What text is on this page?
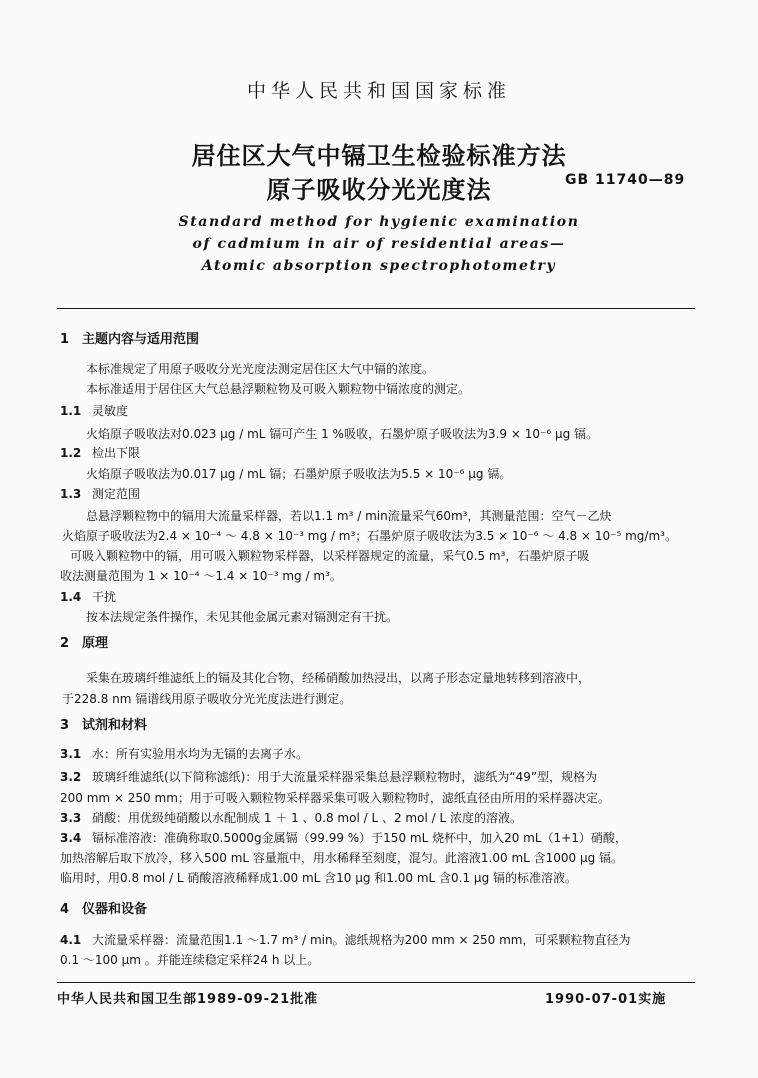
中华人民共和国国家标准
居住区大气中镉卫生检验标准方法
原子吸收分光光度法	GB 11740—89
Standard method for hygienic examination
of cadmium in air of residential areas—
Atomic absorption spectrophotometry
1　主题内容与适用范围
本标准规定了用原子吸收分光光度法测定居住区大气中镉的浓度。
本标准适用于居住区大气总悬浮颗粒物及可吸入颗粒物中镉浓度的测定。
1.1 灵敏度
火焰原子吸收法对0.023 μg / mL 镉可产生 1 %吸收，石墨炉原子吸收法为3.9 × 10⁻⁶ μg 镉。
1.2 检出下限
火焰原子吸收法为0.017 μg / mL 镉；石墨炉原子吸收法为5.5 × 10⁻⁶ μg 镉。
1.3 测定范围
总悬浮颗粒物中的镉用大流量采样器，若以1.1 m³ / min流量采气60m³，其测量范围：空气－乙炔
火焰原子吸收法为2.4 × 10⁻⁴ ～ 4.8 × 10⁻³ mg / m³；石墨炉原子吸收法为3.5 × 10⁻⁶ ～ 4.8 × 10⁻⁵ mg/m³。
可吸入颗粒物中的镉，用可吸入颗粒物采样器，以采样器规定的流量，采气0.5 m³，石墨炉原子吸
收法测量范围为 1 × 10⁻⁴ ～1.4 × 10⁻³ mg / m³。
1.4 干扰
按本法规定条件操作，未见其他金属元素对镉测定有干扰。
2　原理
采集在玻璃纤维滤纸上的镉及其化合物，经稀硝酸加热浸出，以离子形态定量地转移到溶液中，
于228.8 nm 镉谱线用原子吸收分光光度法进行测定。
3　试剂和材料
3.1 水：所有实验用水均为无镉的去离子水。
3.2 玻璃纤维滤纸(以下简称滤纸)：用于大流量采样器采集总悬浮颗粒物时，滤纸为“49”型，规格为
200 mm × 250 mm；用于可吸入颗粒物采样器采集可吸入颗粒物时，滤纸直径由所用的采样器决定。
3.3 硝酸：用优级纯硝酸以水配制成 1 ＋ 1 、0.8 mol / L 、2 mol / L 浓度的溶液。
3.4 镉标准溶液：准确称取0.5000g金属镉（99.99 %）于150 mL 烧杯中，加入20 mL（1+1）硝酸，
加热溶解后取下放冷，移入500 mL 容量瓶中，用水稀释至刻度，混匀。此溶液1.00 mL 含1000 μg 镉。
临用时，用0.8 mol / L 硝酸溶液稀释成1.00 mL 含10 μg 和1.00 mL 含0.1 μg 镉的标准溶液。
4　仪器和设备
4.1 大流量采样器：流量范围1.1 ～1.7 m³ / min。滤纸规格为200 mm × 250 mm，可采颗粒物直径为
0.1 ～100 μm 。并能连续稳定采样24 h 以上。
中华人民共和国卫生部1989-09-21批准	1990-07-01实施
